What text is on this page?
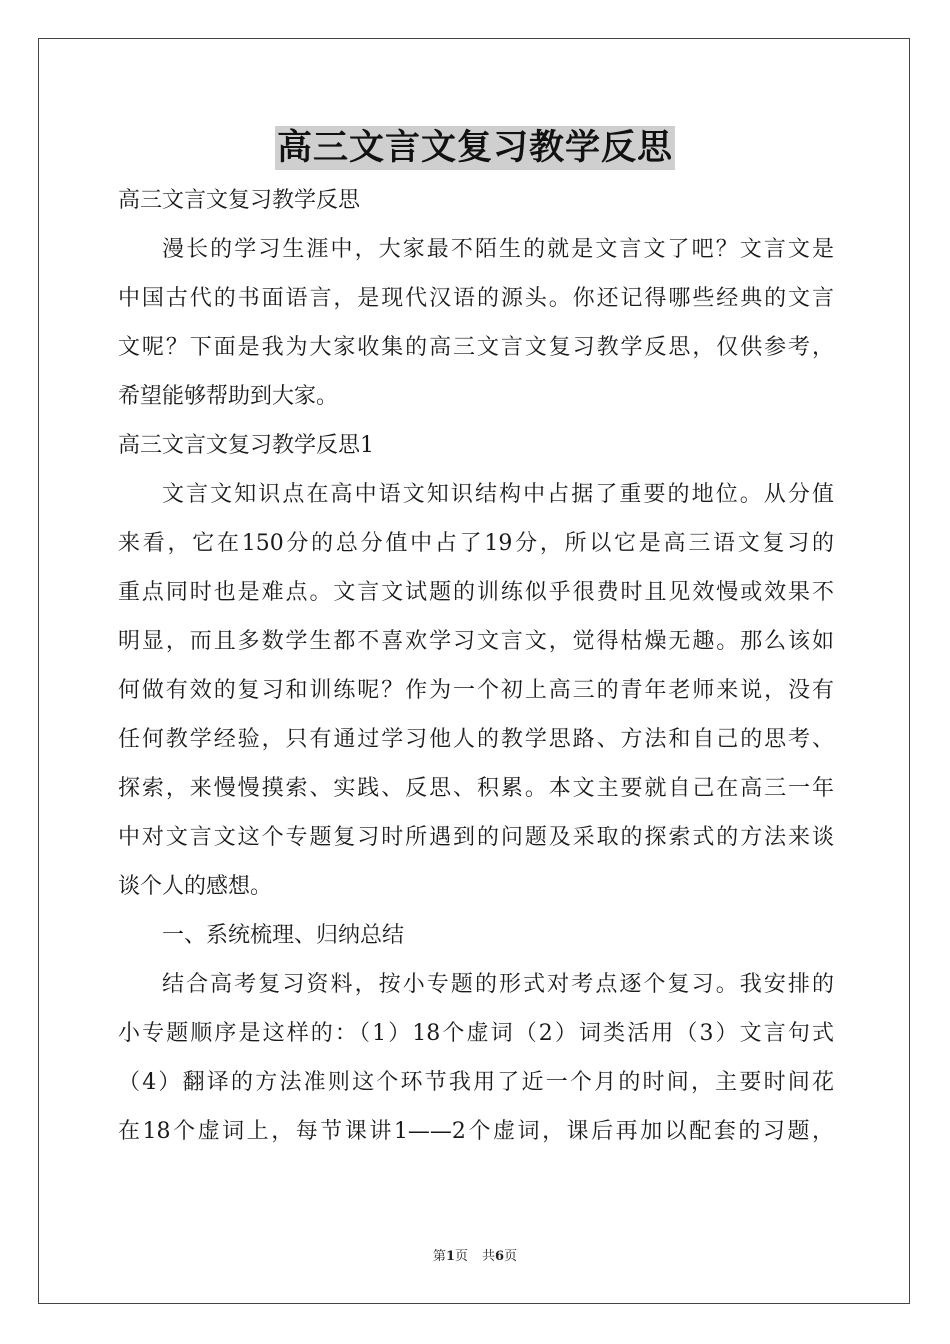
高三文言文复习教学反思
高三文言文复习教学反思
漫长的学习生涯中，大家最不陌生的就是文言文了吧？文言文是
中国古代的书面语言，是现代汉语的源头。你还记得哪些经典的文言
文呢？下面是我为大家收集的高三文言文复习教学反思，仅供参考，
希望能够帮助到大家。
高三文言文复习教学反思1
文言文知识点在高中语文知识结构中占据了重要的地位。从分值
来看，它在150分的总分值中占了19分，所以它是高三语文复习的
重点同时也是难点。文言文试题的训练似乎很费时且见效慢或效果不
明显，而且多数学生都不喜欢学习文言文，觉得枯燥无趣。那么该如
何做有效的复习和训练呢？作为一个初上高三的青年老师来说，没有
任何教学经验，只有通过学习他人的教学思路、方法和自己的思考、
探索，来慢慢摸索、实践、反思、积累。本文主要就自己在高三一年
中对文言文这个专题复习时所遇到的问题及采取的探索式的方法来谈
谈个人的感想。
一、系统梳理、归纳总结
结合高考复习资料，按小专题的形式对考点逐个复习。我安排的
小专题顺序是这样的：（1）18个虚词（2）词类活用（3）文言句式
（4）翻译的方法准则这个环节我用了近一个月的时间，主要时间花
在18个虚词上，每节课讲1——2个虚词，课后再加以配套的习题，
第1页 共6页
